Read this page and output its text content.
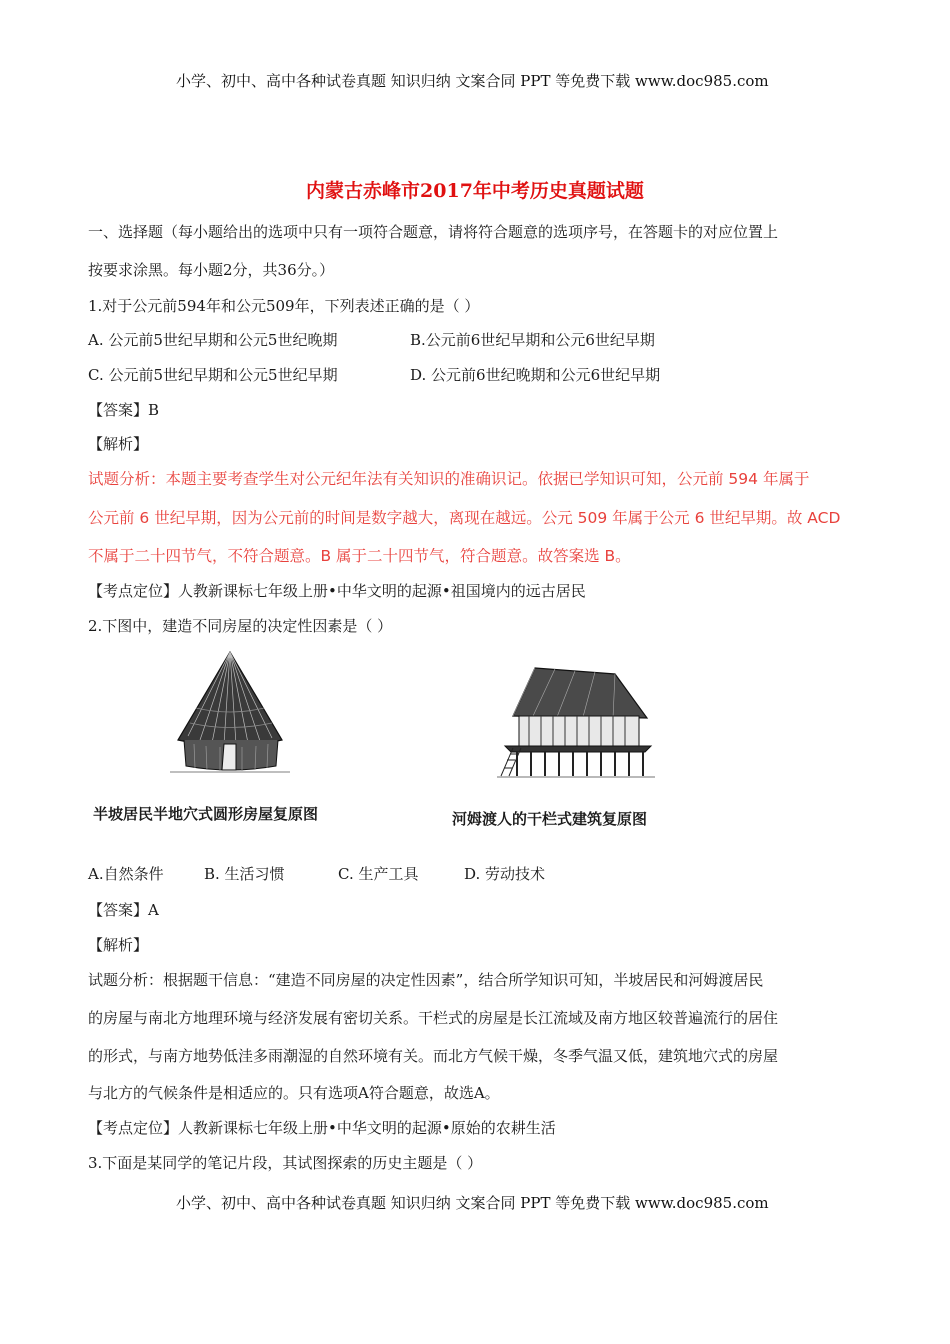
小学、初中、高中各种试卷真题 知识归纳 文案合同 PPT 等免费下载 www.doc985.com
内蒙古赤峰市2017年中考历史真题试题
一、选择题（每小题给出的选项中只有一项符合题意，请将符合题意的选项序号，在答题卡的对应位置上
按要求涂黑。每小题2分，共36分。）
1.对于公元前594年和公元509年，下列表述正确的是（ ）
A. 公元前5世纪早期和公元5世纪晚期	B.公元前6世纪早期和公元6世纪早期
C. 公元前5世纪早期和公元5世纪早期	D. 公元前6世纪晚期和公元6世纪早期
【答案】B
【解析】
试题分析：本题主要考查学生对公元纪年法有关知识的准确识记。依据已学知识可知，公元前 594 年属于
公元前 6 世纪早期，因为公元前的时间是数字越大，离现在越远。公元 509 年属于公元 6 世纪早期。故 ACD
不属于二十四节气，不符合题意。B 属于二十四节气，符合题意。故答案选 B。
【考点定位】人教新课标七年级上册•中华文明的起源•祖国境内的远古居民
2.下图中，建造不同房屋的决定性因素是（ ）
半坡居民半地穴式圆形房屋复原图	河姆渡人的干栏式建筑复原图
A.自然条件	B. 生活习惯	C. 生产工具	D. 劳动技术
【答案】A
【解析】
试题分析：根据题干信息：“建造不同房屋的决定性因素”，结合所学知识可知，半坡居民和河姆渡居民
的房屋与南北方地理环境与经济发展有密切关系。干栏式的房屋是长江流域及南方地区较普遍流行的居住
的形式，与南方地势低洼多雨潮湿的自然环境有关。而北方气候干燥，冬季气温又低，建筑地穴式的房屋
与北方的气候条件是相适应的。只有选项A符合题意，故选A。
【考点定位】人教新课标七年级上册•中华文明的起源•原始的农耕生活
3.下面是某同学的笔记片段，其试图探索的历史主题是（ ）
小学、初中、高中各种试卷真题 知识归纳 文案合同 PPT 等免费下载 www.doc985.com
